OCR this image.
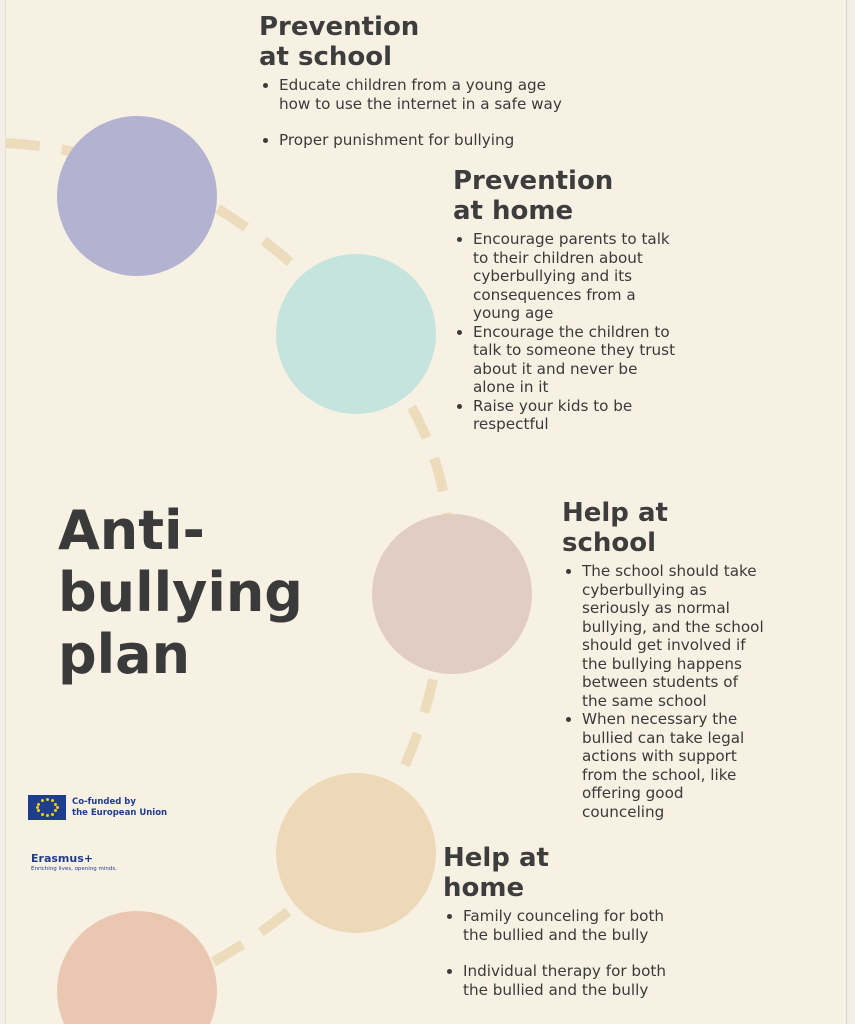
Anti-
bullying
plan
Prevention
at school
• Educate children from a young age how to use the internet in a safe way
• Proper punishment for bullying
Prevention
at home
• Encourage parents to talk to their children about cyberbullying and its consequences from a young age
• Encourage the children to talk to someone they trust about it and never be alone in it
• Raise your kids to be respectful
Help at
school
• The school should take cyberbullying as seriously as normal bullying, and the school should get involved if the bullying happens between students of the same school
• When necessary the bullied can take legal actions with support from the school, like offering good counceling
Help at
home
• Family counceling for both the bullied and the bully
• Individual therapy for both the bullied and the bully
Co-funded by
the European Union
Erasmus+
Enriching lives, opening minds.
